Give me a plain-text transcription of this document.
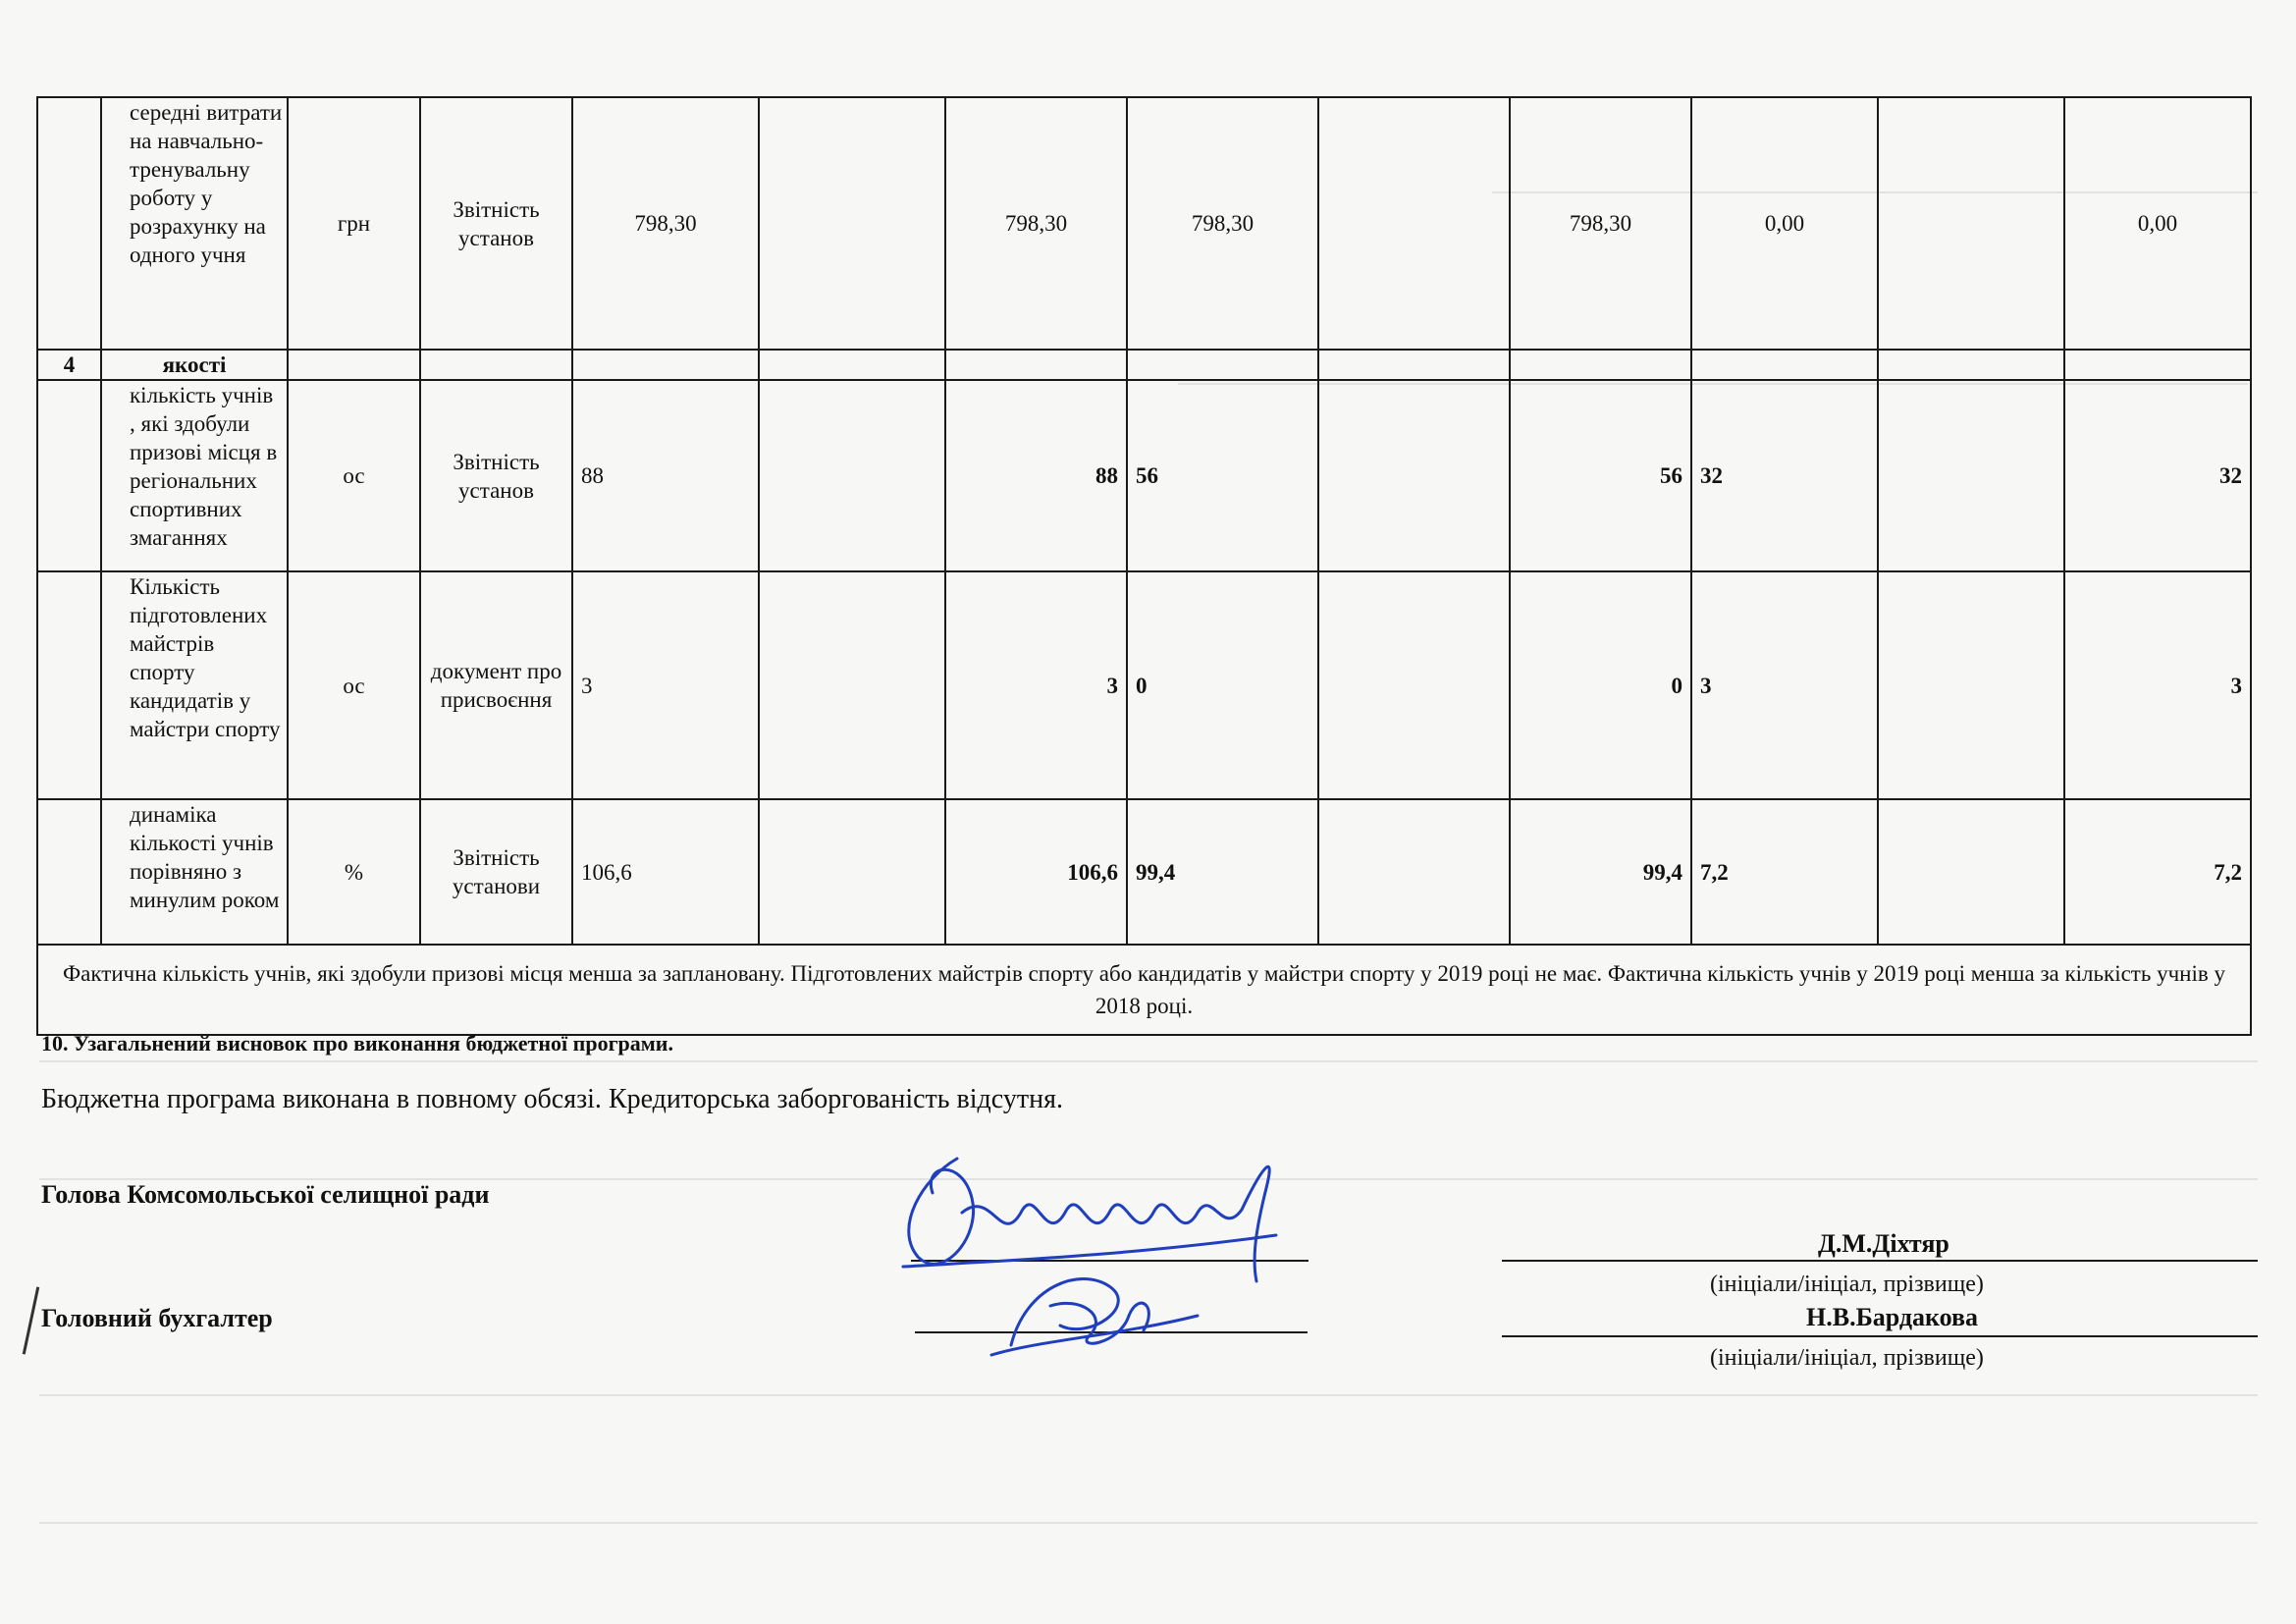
	середні витрати на навчально-тренувальну роботу у розрахунку на одного учня	грн	Звітність установ	798,30		798,30	798,30		798,30	0,00		0,00
4	якості											
	кількість учнів , які здобули призові місця в регіональних спортивних змаганнях	ос	Звітність установ	88		88	56		56	32		32
	Кількість підготовлених майстрів спорту кандидатів у майстри спорту	ос	документ про присвоєння	3		3	0		0	3		3
	динаміка кількості учнів порівняно з минулим роком	%	Звітність установи	106,6		106,6	99,4		99,4	7,2		7,2
Фактична кількість учнів, які здобули призові місця менша за заплановану. Підготовлених майстрів спорту або кандидатів у майстри спорту у 2019 році не має. Фактична кількість учнів у 2019 році менша за кількість учнів у 2018 році.												
10. Узагальнений висновок про виконання бюджетної програми.
Бюджетна програма виконана в повному обсязі. Кредиторська заборгованість відсутня.
Голова Комсомольської селищної ради
Д.М.Діхтяр
(ініціали/ініціал, прізвище)
Головний бухгалтер	Н.В.Бардакова
(ініціали/ініціал, прізвище)
